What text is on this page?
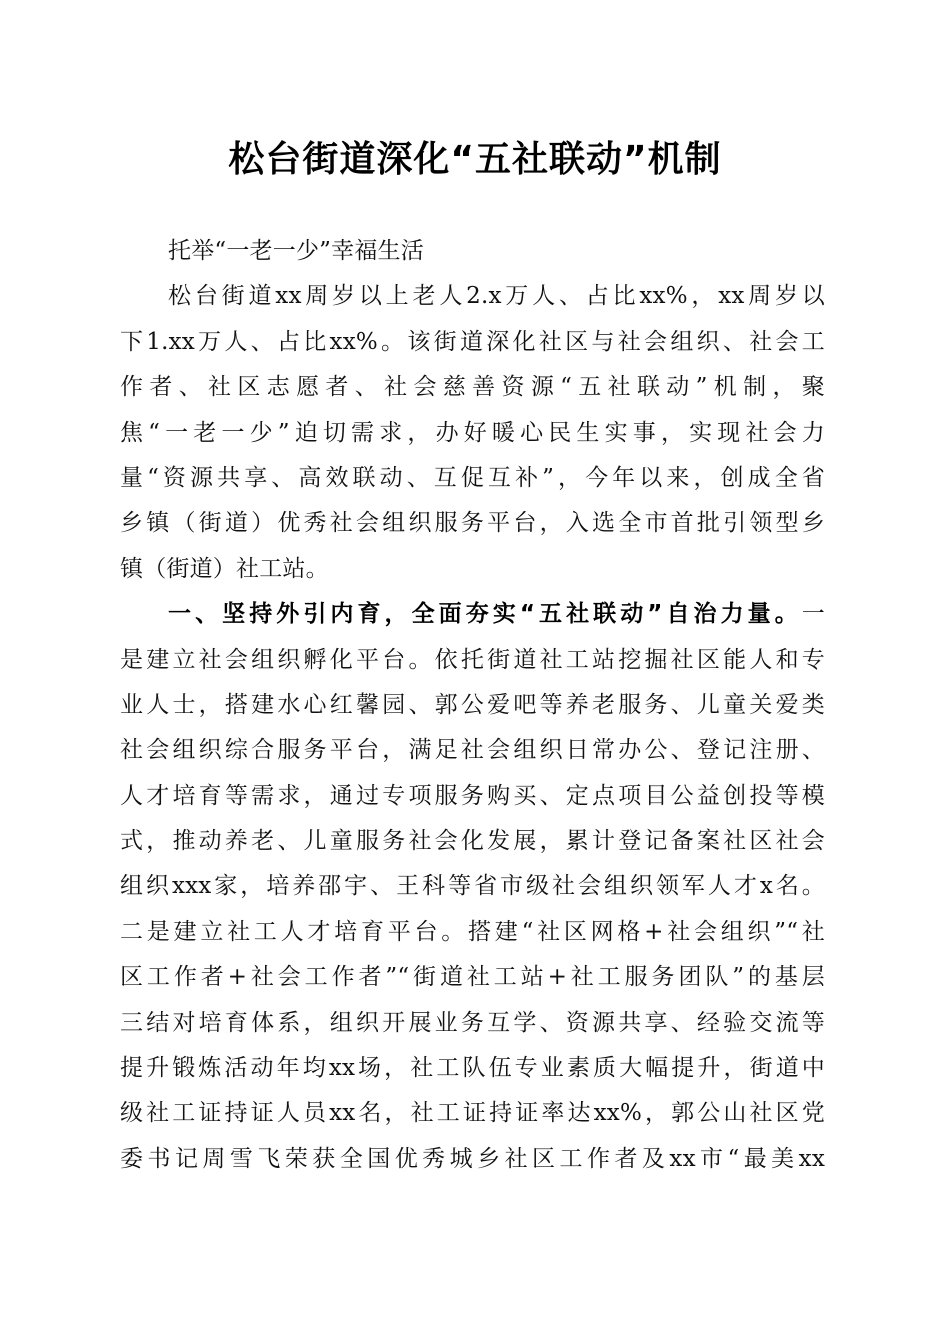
松台街道深化“五社联动”机制
托举“一老一少”幸福生活
松台街道xx周岁以上老人2.x万人、占比xx%，xx周岁以
下1.xx万人、占比xx%。该街道深化社区与社会组织、社会工
作者、社区志愿者、社会慈善资源“五社联动”机制，聚
焦“一老一少”迫切需求，办好暖心民生实事，实现社会力
量“资源共享、高效联动、互促互补”，今年以来，创成全省
乡镇（街道）优秀社会组织服务平台，入选全市首批引领型乡
镇（街道）社工站。
一、坚持外引内育，全面夯实“五社联动”自治力量。一
是建立社会组织孵化平台。依托街道社工站挖掘社区能人和专
业人士，搭建水心红馨园、郭公爱吧等养老服务、儿童关爱类
社会组织综合服务平台，满足社会组织日常办公、登记注册、
人才培育等需求，通过专项服务购买、定点项目公益创投等模
式，推动养老、儿童服务社会化发展，累计登记备案社区社会
组织xxx家，培养邵宇、王科等省市级社会组织领军人才x名。
二是建立社工人才培育平台。搭建“社区网格+社会组织”“社
区工作者+社会工作者”“街道社工站+社工服务团队”的基层
三结对培育体系，组织开展业务互学、资源共享、经验交流等
提升锻炼活动年均xx场，社工队伍专业素质大幅提升，街道中
级社工证持证人员xx名，社工证持证率达xx%，郭公山社区党
委书记周雪飞荣获全国优秀城乡社区工作者及xx市“最美xx
